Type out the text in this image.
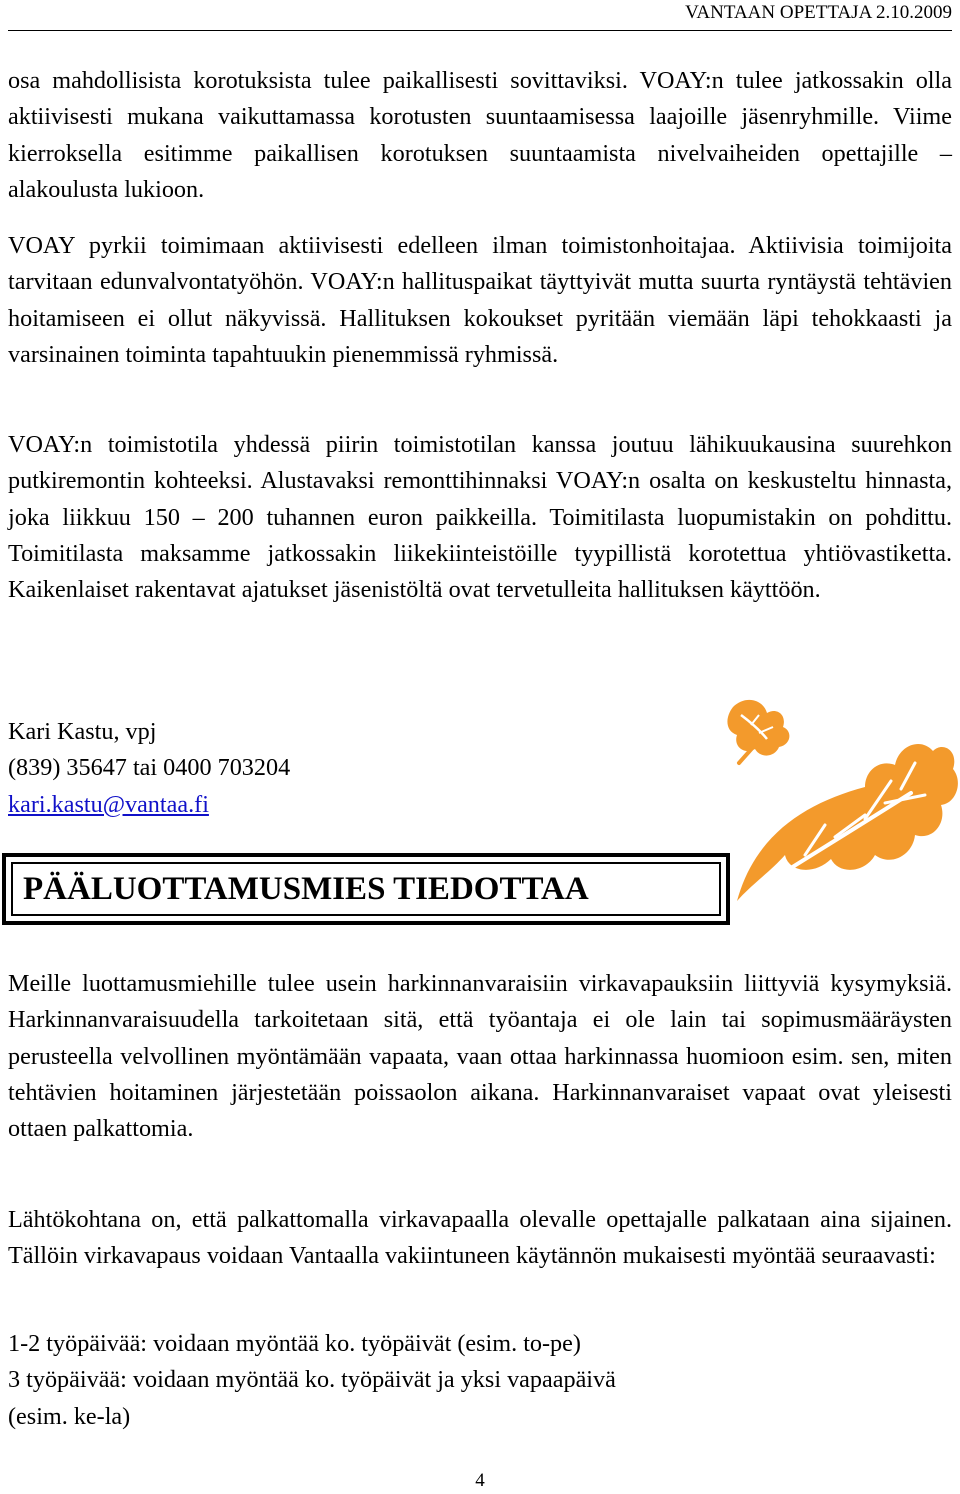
VANTAAN OPETTAJA 2.10.2009

osa mahdollisista korotuksista tulee paikallisesti sovittaviksi. VOAY:n tulee jatkossakin olla aktiivisesti mukana vaikuttamassa korotusten suuntaamisessa laajoille jäsenryhmille. Viime kierroksella esitimme paikallisen korotuksen suuntaamista nivelvaiheiden opettajille – alakoulusta lukioon.

VOAY pyrkii toimimaan aktiivisesti edelleen ilman toimistonhoitajaa. Aktiivisia toimijoita tarvitaan edunvalvontatyöhön. VOAY:n hallituspaikat täyttyivät mutta suurta ryntäystä tehtävien hoitamiseen ei ollut näkyvissä. Hallituksen kokoukset pyritään viemään läpi tehokkaasti ja varsinainen toiminta tapahtuukin pienemmissä ryhmissä.

VOAY:n toimistotila yhdessä piirin toimistotilan kanssa joutuu lähikuukausina suurehkon putkiremontin kohteeksi. Alustavaksi remonttihinnaksi VOAY:n osalta on keskusteltu hinnasta, joka liikkuu 150 – 200 tuhannen euron paikkeilla. Toimitilasta luopumistakin on pohdittu. Toimitilasta maksamme jatkossakin liikekiinteistöille tyypillistä korotettua yhtiövastiketta. Kaikenlaiset rakentavat ajatukset jäsenistöltä ovat tervetulleita hallituksen käyttöön.

Kari Kastu, vpj
(839) 35647 tai 0400 703204
kari.kastu@vantaa.fi
PÄÄLUOTTAMUSMIES TIEDOTTAA

Meille luottamusmiehille tulee usein harkinnanvaraisiin virkavapauksiin liittyviä kysymyksiä. Harkinnanvaraisuudella tarkoitetaan sitä, että työantaja ei ole lain tai sopimusmääräysten perusteella velvollinen myöntämään vapaata, vaan ottaa harkinnassa huomioon esim. sen, miten tehtävien hoitaminen järjestetään poissaolon aikana. Harkinnanvaraiset vapaat ovat yleisesti ottaen palkattomia.

Lähtökohtana on, että palkattomalla virkavapaalla olevalle opettajalle palkataan aina sijainen. Tällöin virkavapaus voidaan Vantaalla vakiintuneen käytännön mukaisesti myöntää seuraavasti:

1-2 työpäivää: voidaan myöntää ko. työpäivät (esim. to-pe)
3 työpäivää: voidaan myöntää ko. työpäivät ja yksi vapaapäivä
(esim. ke-la)
4
